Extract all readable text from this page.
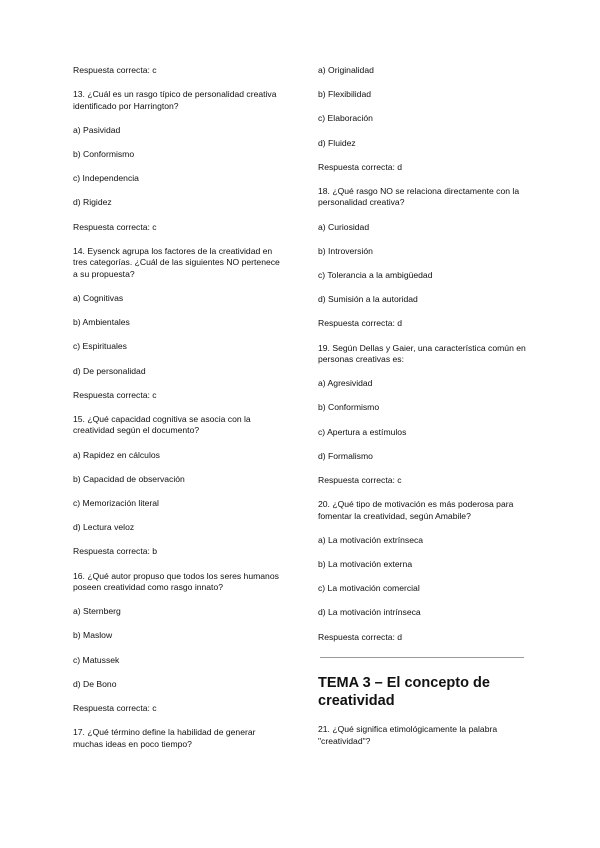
Respuesta correcta: c
13. ¿Cuál es un rasgo típico de personalidad creativa identificado por Harrington?
a) Pasividad
b) Conformismo
c) Independencia
d) Rigidez
Respuesta correcta: c
14. Eysenck agrupa los factores de la creatividad en tres categorías. ¿Cuál de las siguientes NO pertenece a su propuesta?
a) Cognitivas
b) Ambientales
c) Espirituales
d) De personalidad
Respuesta correcta: c
15. ¿Qué capacidad cognitiva se asocia con la creatividad según el documento?
a) Rapidez en cálculos
b) Capacidad de observación
c) Memorización literal
d) Lectura veloz
Respuesta correcta: b
16. ¿Qué autor propuso que todos los seres humanos poseen creatividad como rasgo innato?
a) Sternberg
b) Maslow
c) Matussek
d) De Bono
Respuesta correcta: c
17. ¿Qué término define la habilidad de generar muchas ideas en poco tiempo?
a) Originalidad
b) Flexibilidad
c) Elaboración
d) Fluidez
Respuesta correcta: d
18. ¿Qué rasgo NO se relaciona directamente con la personalidad creativa?
a) Curiosidad
b) Introversión
c) Tolerancia a la ambigüedad
d) Sumisión a la autoridad
Respuesta correcta: d
19. Según Dellas y Gaier, una característica común en personas creativas es:
a) Agresividad
b) Conformismo
c) Apertura a estímulos
d) Formalismo
Respuesta correcta: c
20. ¿Qué tipo de motivación es más poderosa para fomentar la creatividad, según Amabile?
a) La motivación extrínseca
b) La motivación externa
c) La motivación comercial
d) La motivación intrínseca
Respuesta correcta: d
TEMA 3 – El concepto de creatividad
21. ¿Qué significa etimológicamente la palabra "creatividad"?
